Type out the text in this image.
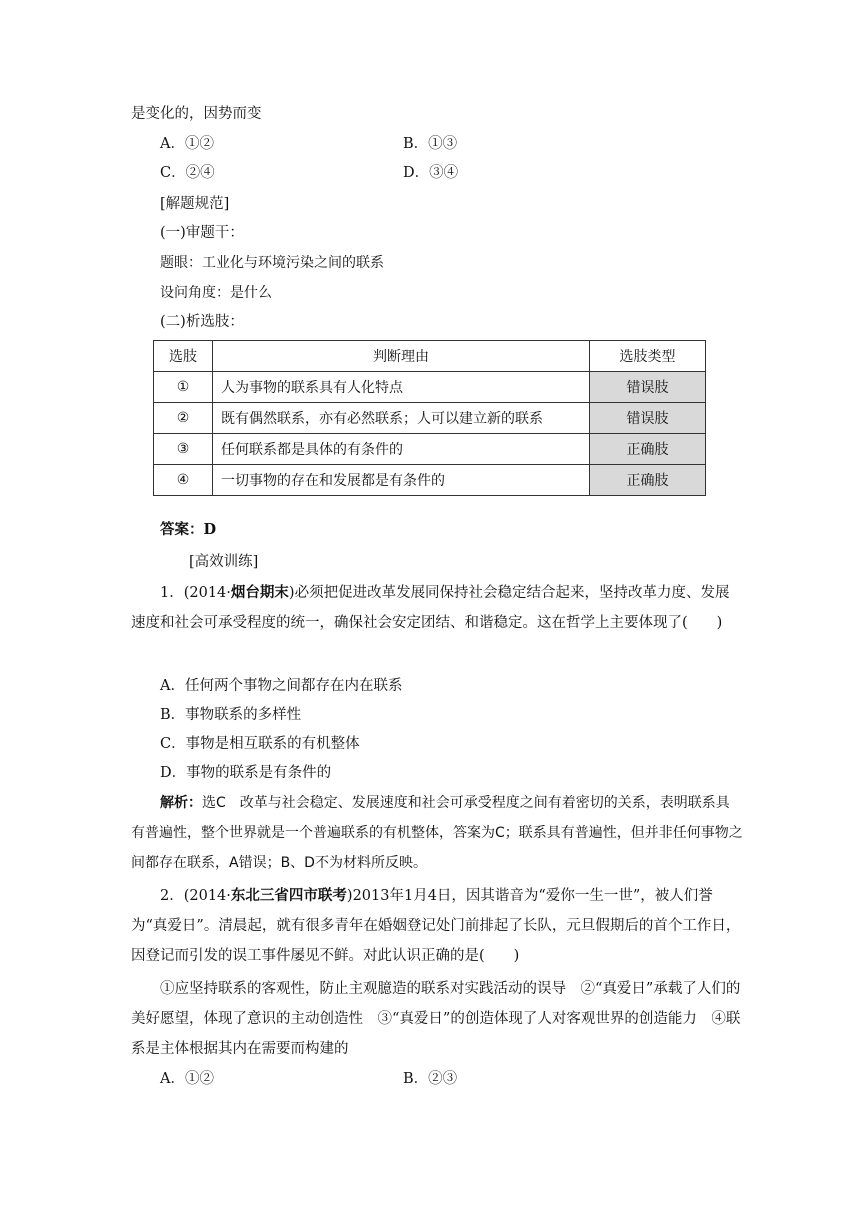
是变化的，因势而变
A．①②	B．①③
C．②④	D．③④
[解题规范]
(一)审题干：
题眼：工业化与环境污染之间的联系
设问角度：是什么
(二)析选肢：
选肢	判断理由	选肢类型
①	人为事物的联系具有人化特点	错误肢
②	既有偶然联系，亦有必然联系；人可以建立新的联系	错误肢
③	任何联系都是具体的有条件的	正确肢
④	一切事物的存在和发展都是有条件的	正确肢
答案：D
[高效训练]
1．(2014·烟台期末)必须把促进改革发展同保持社会稳定结合起来，坚持改革力度、发展速度和社会可承受程度的统一，确保社会安定团结、和谐稳定。这在哲学上主要体现了(　　)
A．任何两个事物之间都存在内在联系
B．事物联系的多样性
C．事物是相互联系的有机整体
D．事物的联系是有条件的
解析：选C　改革与社会稳定、发展速度和社会可承受程度之间有着密切的关系，表明联系具有普遍性，整个世界就是一个普遍联系的有机整体，答案为C；联系具有普遍性，但并非任何事物之间都存在联系，A错误；B、D不为材料所反映。
2．(2014·东北三省四市联考)2013年1月4日，因其谐音为“爱你一生一世”，被人们誉为“真爱日”。清晨起，就有很多青年在婚姻登记处门前排起了长队，元旦假期后的首个工作日，因登记而引发的误工事件屡见不鲜。对此认识正确的是(　　)
①应坚持联系的客观性，防止主观臆造的联系对实践活动的误导　②“真爱日”承载了人们的美好愿望，体现了意识的主动创造性　③“真爱日”的创造体现了人对客观世界的创造能力　④联系是主体根据其内在需要而构建的
A．①②	B．②③
